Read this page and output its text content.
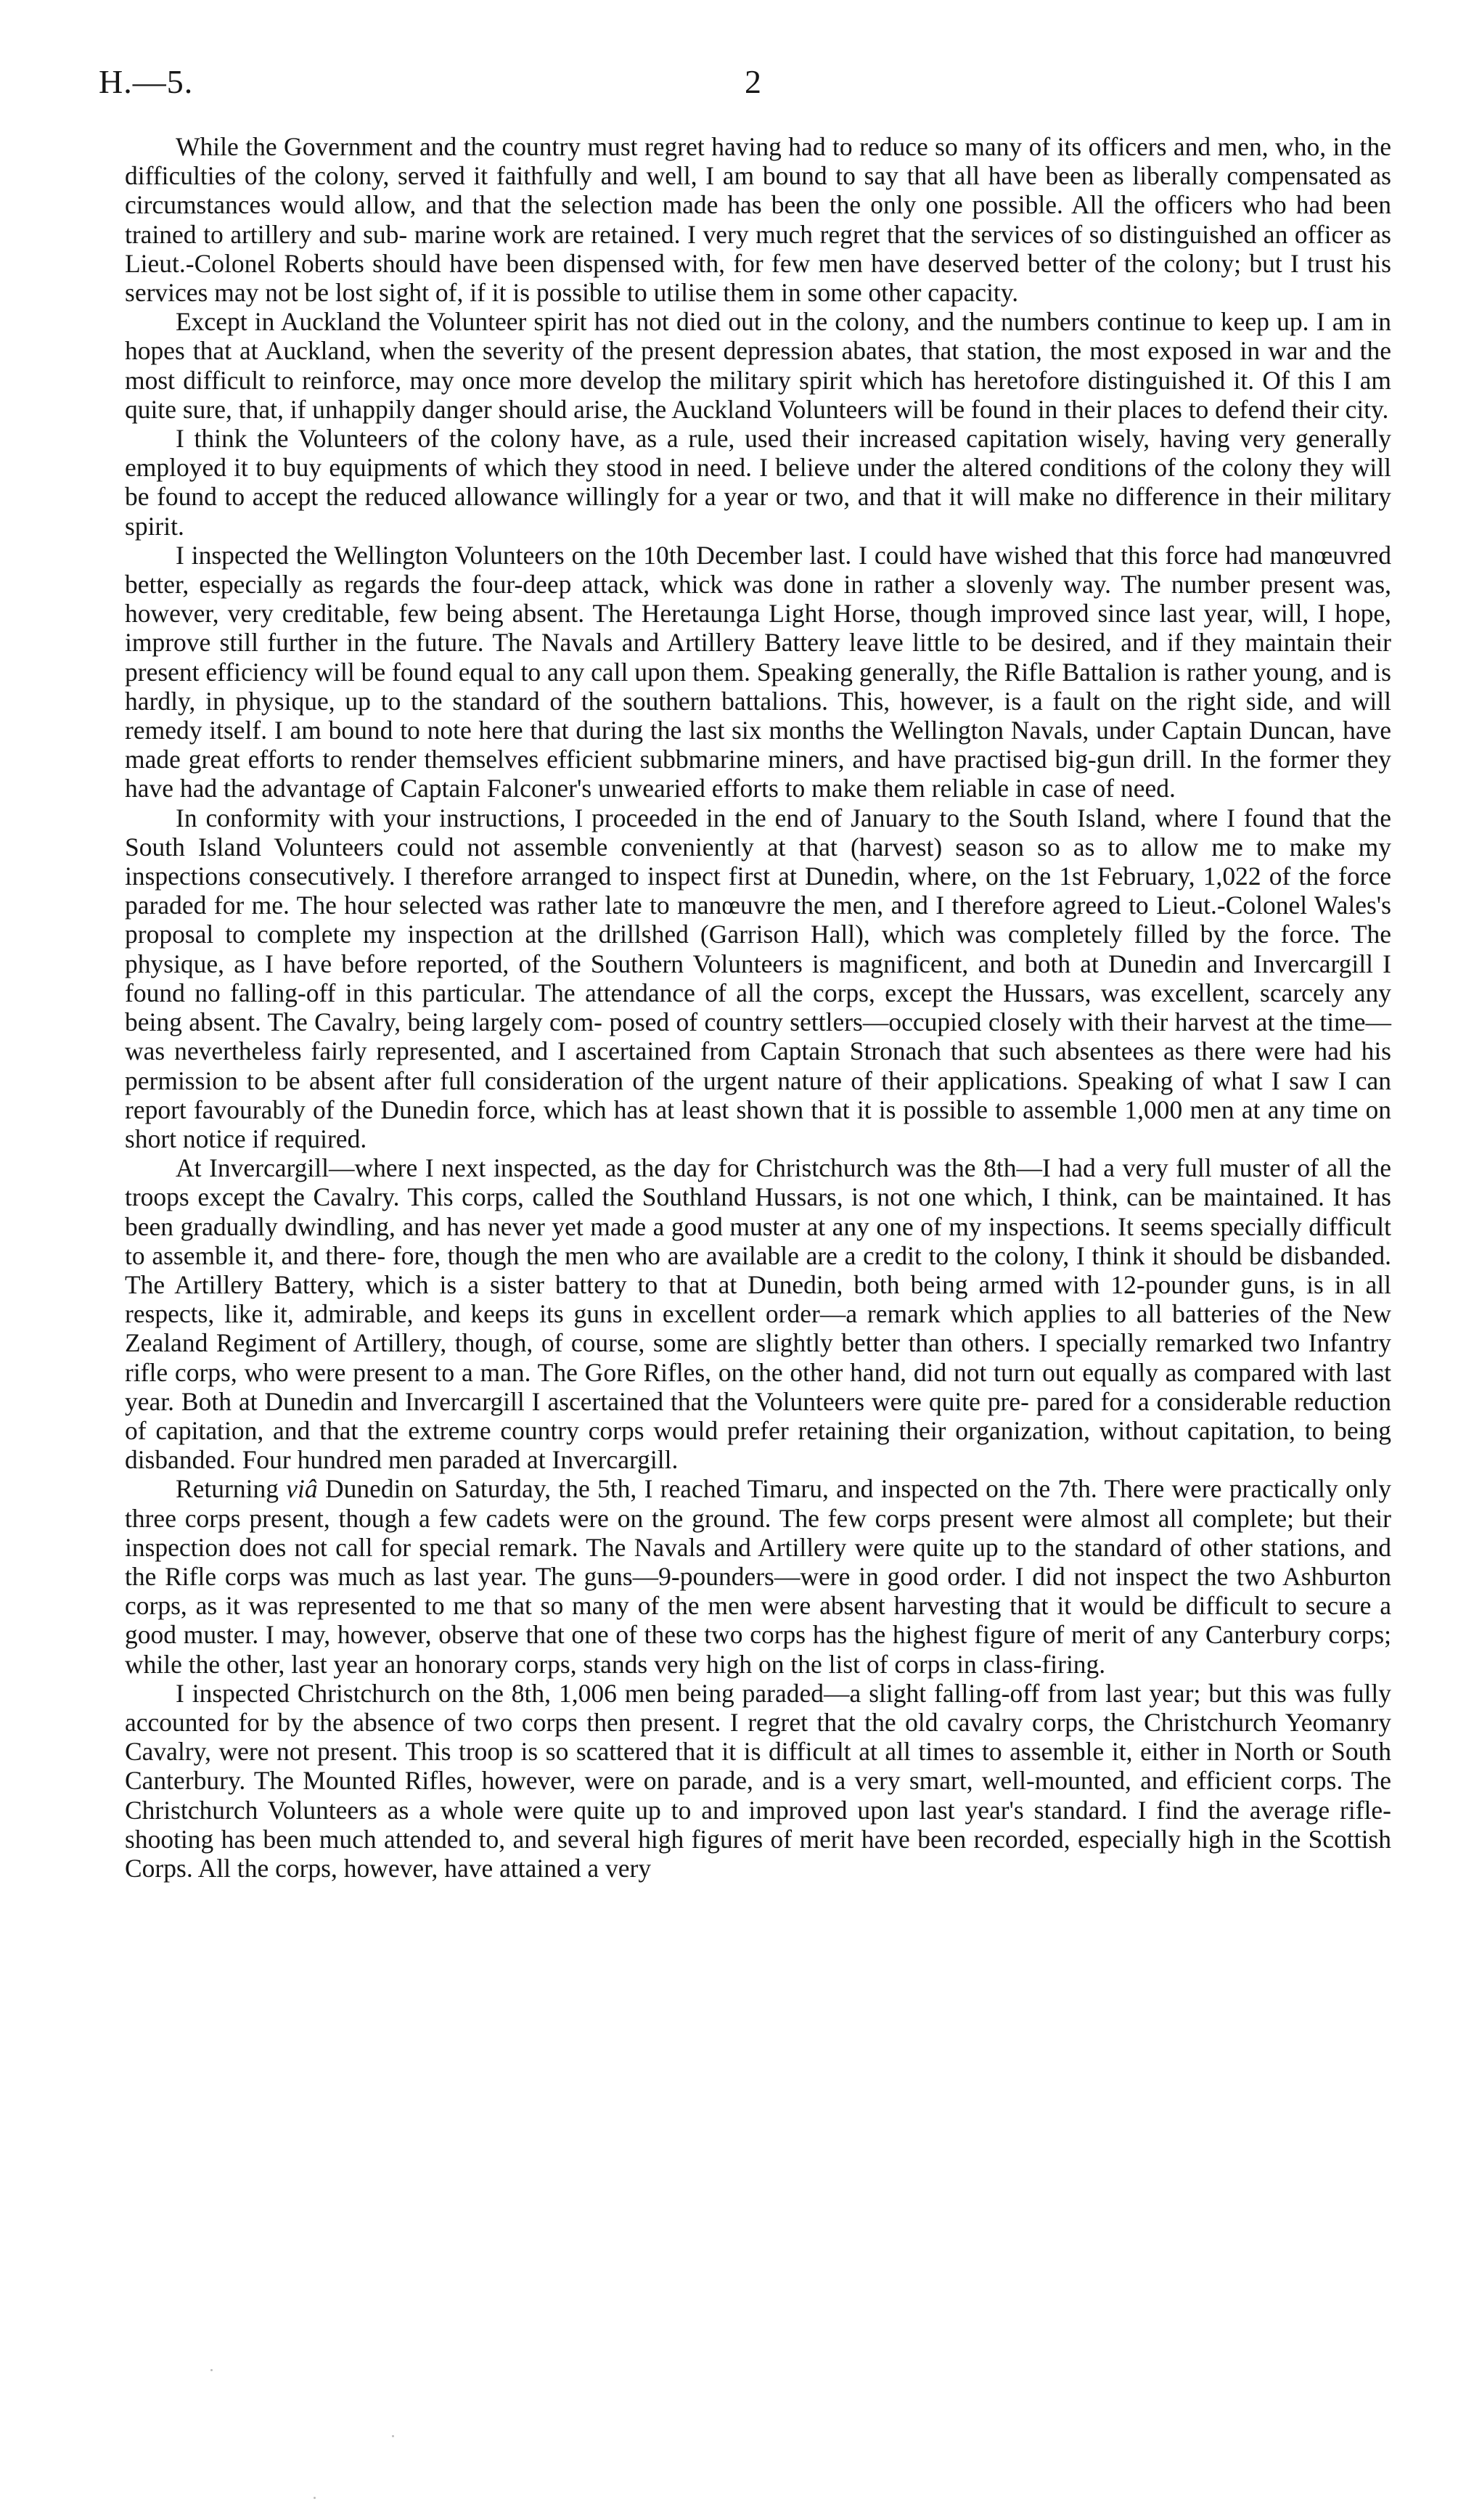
H.—5.	2

While the Government and the country must regret having had to reduce so many of its officers and men, who, in the difficulties of the colony, served it faithfully and well, I am bound to say that all have been as liberally compensated as circumstances would allow, and that the selection made has been the only one possible. All the officers who had been trained to artillery and sub- marine work are retained. I very much regret that the services of so distinguished an officer as Lieut.-Colonel Roberts should have been dispensed with, for few men have deserved better of the colony; but I trust his services may not be lost sight of, if it is possible to utilise them in some other capacity.

Except in Auckland the Volunteer spirit has not died out in the colony, and the numbers continue to keep up. I am in hopes that at Auckland, when the severity of the present depression abates, that station, the most exposed in war and the most difficult to reinforce, may once more develop the military spirit which has heretofore distinguished it. Of this I am quite sure, that, if unhappily danger should arise, the Auckland Volunteers will be found in their places to defend their city.

I think the Volunteers of the colony have, as a rule, used their increased capitation wisely, having very generally employed it to buy equipments of which they stood in need. I believe under the altered conditions of the colony they will be found to accept the reduced allowance willingly for a year or two, and that it will make no difference in their military spirit.

I inspected the Wellington Volunteers on the 10th December last. I could have wished that this force had manœuvred better, especially as regards the four-deep attack, whick was done in rather a slovenly way. The number present was, however, very creditable, few being absent. The Heretaunga Light Horse, though improved since last year, will, I hope, improve still further in the future. The Navals and Artillery Battery leave little to be desired, and if they maintain their present efficiency will be found equal to any call upon them. Speaking generally, the Rifle Battalion is rather young, and is hardly, in physique, up to the standard of the southern battalions. This, however, is a fault on the right side, and will remedy itself. I am bound to note here that during the last six months the Wellington Navals, under Captain Duncan, have made great efforts to render themselves efficient subbmarine miners, and have practised big-gun drill. In the former they have had the advantage of Captain Falconer's unwearied efforts to make them reliable in case of need.

In conformity with your instructions, I proceeded in the end of January to the South Island, where I found that the South Island Volunteers could not assemble conveniently at that (harvest) season so as to allow me to make my inspections consecutively. I therefore arranged to inspect first at Dunedin, where, on the 1st February, 1,022 of the force paraded for me. The hour selected was rather late to manœuvre the men, and I therefore agreed to Lieut.-Colonel Wales's proposal to complete my inspection at the drillshed (Garrison Hall), which was completely filled by the force. The physique, as I have before reported, of the Southern Volunteers is magnificent, and both at Dunedin and Invercargill I found no falling-off in this particular. The attendance of all the corps, except the Hussars, was excellent, scarcely any being absent. The Cavalry, being largely com- posed of country settlers—occupied closely with their harvest at the time—was nevertheless fairly represented, and I ascertained from Captain Stronach that such absentees as there were had his permission to be absent after full consideration of the urgent nature of their applications. Speaking of what I saw I can report favourably of the Dunedin force, which has at least shown that it is possible to assemble 1,000 men at any time on short notice if required.

At Invercargill—where I next inspected, as the day for Christchurch was the 8th—I had a very full muster of all the troops except the Cavalry. This corps, called the Southland Hussars, is not one which, I think, can be maintained. It has been gradually dwindling, and has never yet made a good muster at any one of my inspections. It seems specially difficult to assemble it, and there- fore, though the men who are available are a credit to the colony, I think it should be disbanded. The Artillery Battery, which is a sister battery to that at Dunedin, both being armed with 12-pounder guns, is in all respects, like it, admirable, and keeps its guns in excellent order—a remark which applies to all batteries of the New Zealand Regiment of Artillery, though, of course, some are slightly better than others. I specially remarked two Infantry rifle corps, who were present to a man. The Gore Rifles, on the other hand, did not turn out equally as compared with last year. Both at Dunedin and Invercargill I ascertained that the Volunteers were quite pre- pared for a considerable reduction of capitation, and that the extreme country corps would prefer retaining their organization, without capitation, to being disbanded. Four hundred men paraded at Invercargill.

Returning viâ Dunedin on Saturday, the 5th, I reached Timaru, and inspected on the 7th. There were practically only three corps present, though a few cadets were on the ground. The few corps present were almost all complete; but their inspection does not call for special remark. The Navals and Artillery were quite up to the standard of other stations, and the Rifle corps was much as last year. The guns—9-pounders—were in good order. I did not inspect the two Ashburton corps, as it was represented to me that so many of the men were absent harvesting that it would be difficult to secure a good muster. I may, however, observe that one of these two corps has the highest figure of merit of any Canterbury corps; while the other, last year an honorary corps, stands very high on the list of corps in class-firing.

I inspected Christchurch on the 8th, 1,006 men being paraded—a slight falling-off from last year; but this was fully accounted for by the absence of two corps then present. I regret that the old cavalry corps, the Christchurch Yeomanry Cavalry, were not present. This troop is so scattered that it is difficult at all times to assemble it, either in North or South Canterbury. The Mounted Rifles, however, were on parade, and is a very smart, well-mounted, and efficient corps. The Christchurch Volunteers as a whole were quite up to and improved upon last year's standard. I find the average rifle-shooting has been much attended to, and several high figures of merit have been recorded, especially high in the Scottish Corps. All the corps, however, have attained a very
